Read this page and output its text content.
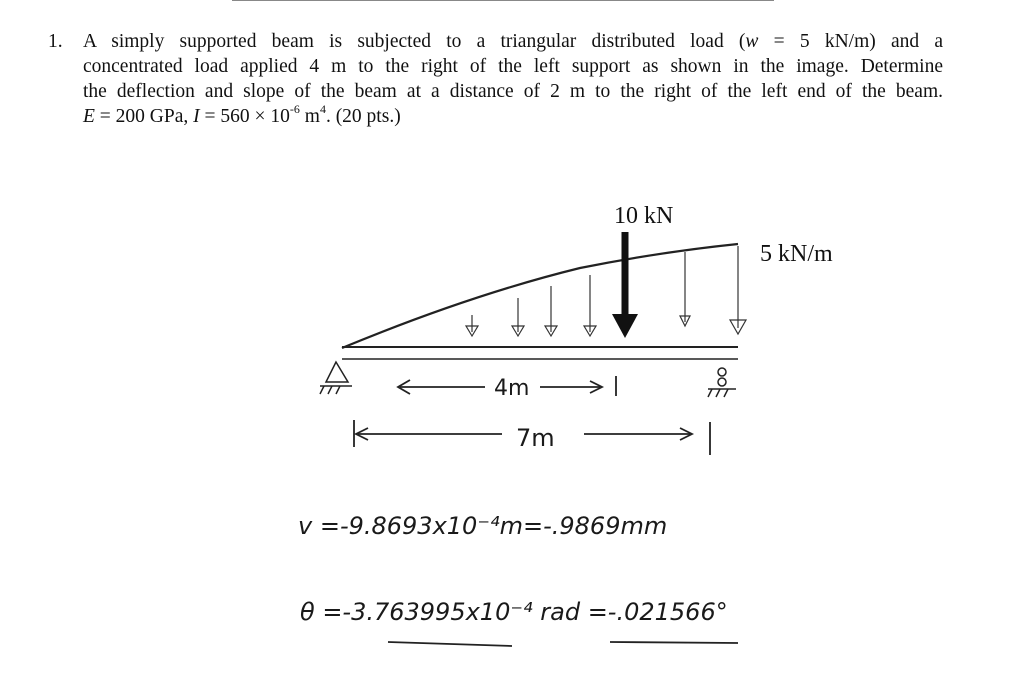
1. A simply supported beam is subjected to a triangular distributed load (w = 5 kN/m) and a
concentrated load applied 4 m to the right of the left support as shown in the image. Determine
the deflection and slope of the beam at a distance of 2 m to the right of the left end of the beam.
E = 200 GPa, $I = 560 \times 10^{-6}$ $m^4$. (20 pts.)
10 kN
5 kN/m
4m
7m
v =-9.8693x10⁻⁴m=-.9869mm
θ =-3.763995x10⁻⁴ rad =-.021566°
